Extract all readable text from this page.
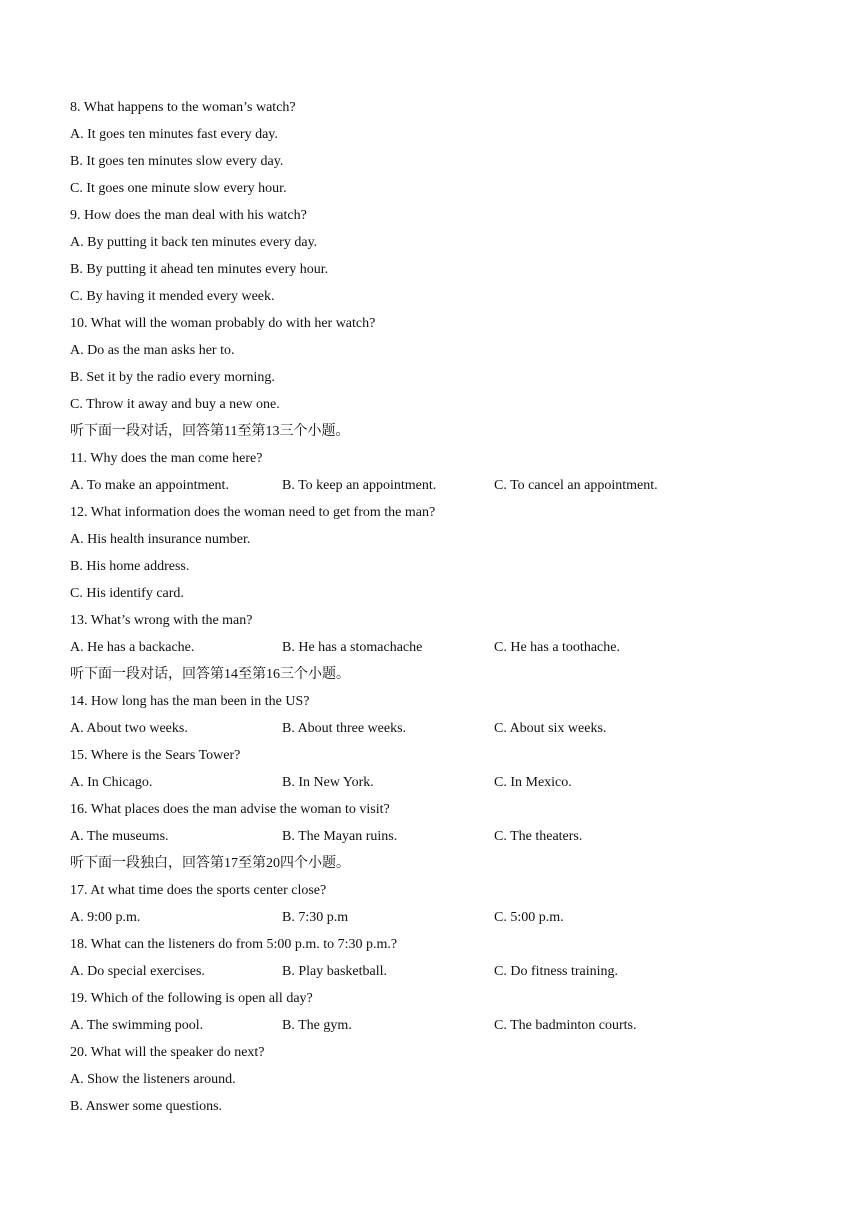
8. What happens to the woman’s watch?
A. It goes ten minutes fast every day.
B. It goes ten minutes slow every day.
C. It goes one minute slow every hour.
9. How does the man deal with his watch?
A. By putting it back ten minutes every day.
B. By putting it ahead ten minutes every hour.
C. By having it mended every week.
10. What will the woman probably do with her watch?
A. Do as the man asks her to.
B. Set it by the radio every morning.
C. Throw it away and buy a new one.
听下面一段对话，回答第11至第13三个小题。
11. Why does the man come here?
A. To make an appointment.	B. To keep an appointment.	C. To cancel an appointment.
12. What information does the woman need to get from the man?
A. His health insurance number.
B. His home address.
C. His identify card.
13. What’s wrong with the man?
A. He has a backache.	B. He has a stomachache	C. He has a toothache.
听下面一段对话，回答第14至第16三个小题。
14. How long has the man been in the US?
A. About two weeks.	B. About three weeks.	C. About six weeks.
15. Where is the Sears Tower?
A. In Chicago.	B. In New York.	C. In Mexico.
16. What places does the man advise the woman to visit?
A. The museums.	B. The Mayan ruins.	C. The theaters.
听下面一段独白，回答第17至第20四个小题。
17. At what time does the sports center close?
A. 9:00 p.m.	B. 7:30 p.m	C. 5:00 p.m.
18. What can the listeners do from 5:00 p.m. to 7:30 p.m.?
A. Do special exercises.	B. Play basketball.	C. Do fitness training.
19. Which of the following is open all day?
A. The swimming pool.	B. The gym.	C. The badminton courts.
20. What will the speaker do next?
A. Show the listeners around.
B. Answer some questions.
